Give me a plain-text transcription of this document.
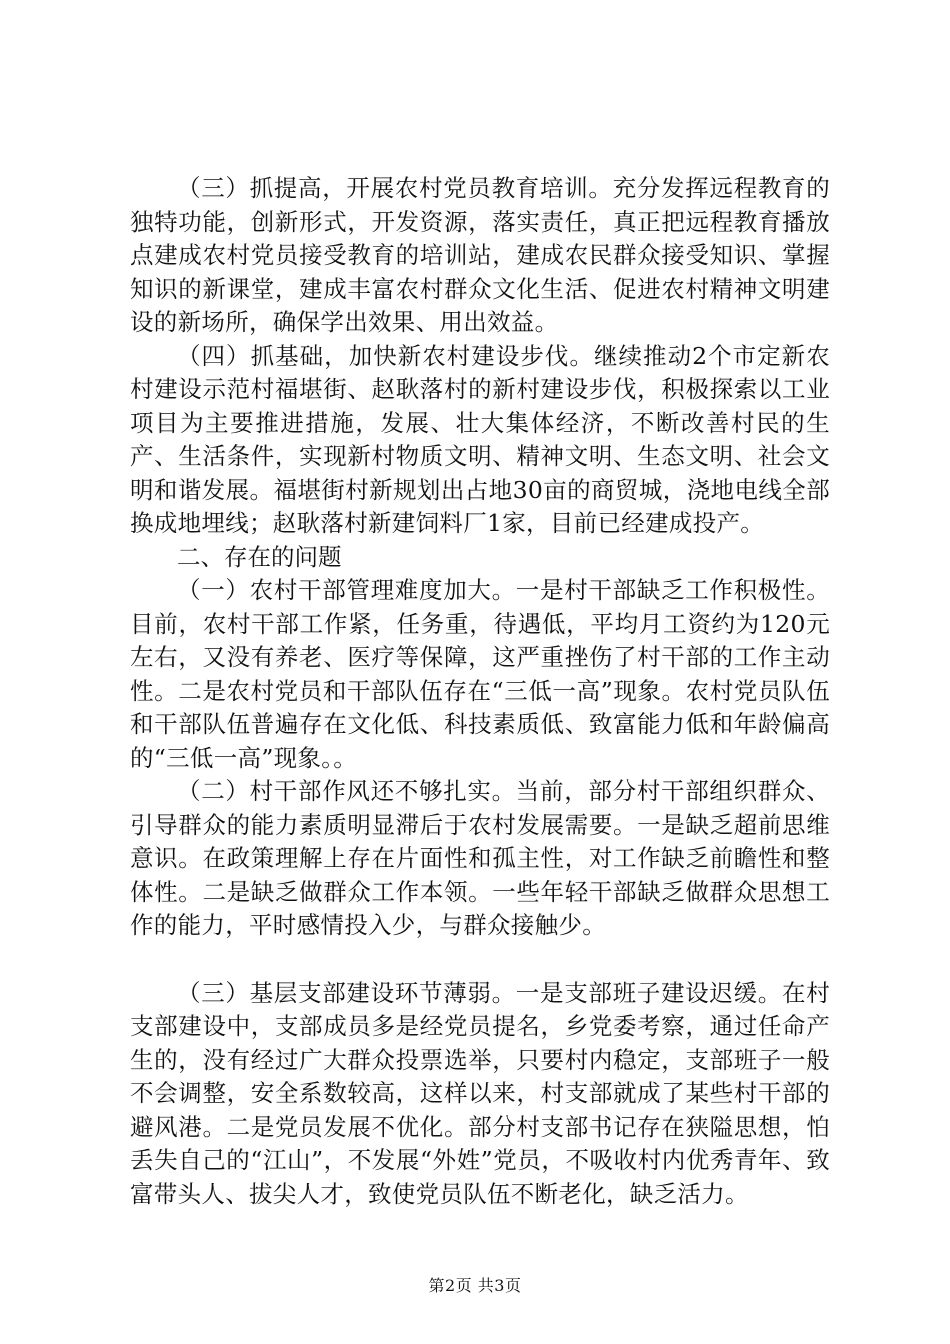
（三）抓提高，开展农村党员教育培训。充分发挥远程教育的独特功能，创新形式，开发资源，落实责任，真正把远程教育播放点建成农村党员接受教育的培训站，建成农民群众接受知识、掌握知识的新课堂，建成丰富农村群众文化生活、促进农村精神文明建设的新场所，确保学出效果、用出效益。

（四）抓基础，加快新农村建设步伐。继续推动2个市定新农村建设示范村福堪街、赵耿落村的新村建设步伐，积极探索以工业项目为主要推进措施，发展、壮大集体经济，不断改善村民的生产、生活条件，实现新村物质文明、精神文明、生态文明、社会文明和谐发展。福堪街村新规划出占地30亩的商贸城，浇地电线全部换成地埋线；赵耿落村新建饲料厂1家，目前已经建成投产。

二、存在的问题

（一）农村干部管理难度加大。一是村干部缺乏工作积极性。目前，农村干部工作紧，任务重，待遇低，平均月工资约为120元左右，又没有养老、医疗等保障，这严重挫伤了村干部的工作主动性。二是农村党员和干部队伍存在“三低一高”现象。农村党员队伍和干部队伍普遍存在文化低、科技素质低、致富能力低和年龄偏高的“三低一高”现象。。

（二）村干部作风还不够扎实。当前，部分村干部组织群众、引导群众的能力素质明显滞后于农村发展需要。一是缺乏超前思维意识。在政策理解上存在片面性和孤主性，对工作缺乏前瞻性和整体性。二是缺乏做群众工作本领。一些年轻干部缺乏做群众思想工作的能力，平时感情投入少，与群众接触少。

（三）基层支部建设环节薄弱。一是支部班子建设迟缓。在村支部建设中，支部成员多是经党员提名，乡党委考察，通过任命产生的，没有经过广大群众投票选举，只要村内稳定，支部班子一般不会调整，安全系数较高，这样以来，村支部就成了某些村干部的避风港。二是党员发展不优化。部分村支部书记存在狭隘思想，怕丢失自己的“江山”，不发展“外姓”党员，不吸收村内优秀青年、致富带头人、拔尖人才，致使党员队伍不断老化，缺乏活力。

第2页 共3页
